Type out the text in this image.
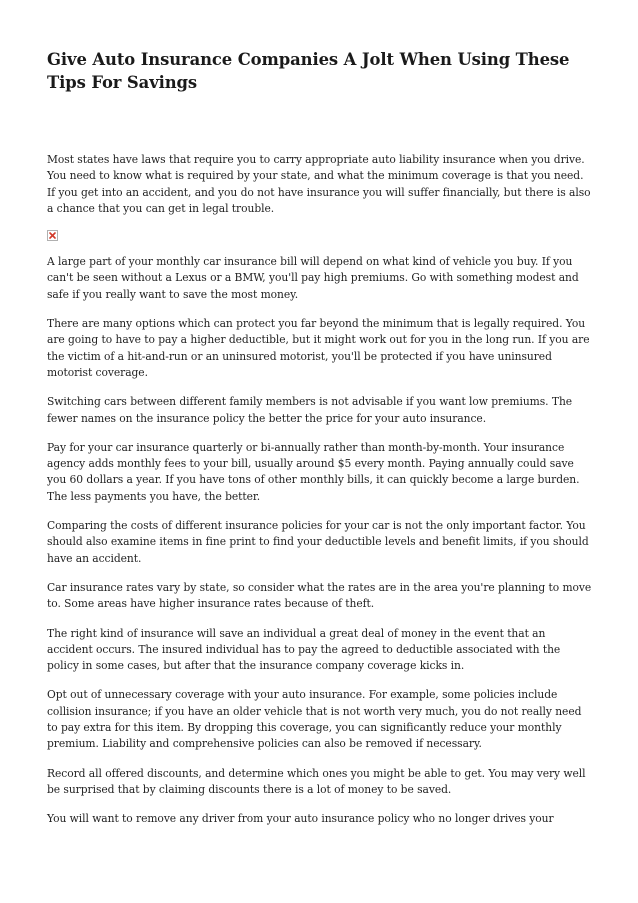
Give Auto Insurance Companies A Jolt When Using These Tips For Savings

Most states have laws that require you to carry appropriate auto liability insurance when you drive. You need to know what is required by your state, and what the minimum coverage is that you need. If you get into an accident, and you do not have insurance you will suffer financially, but there is also a chance that you can get in legal trouble.

A large part of your monthly car insurance bill will depend on what kind of vehicle you buy. If you can't be seen without a Lexus or a BMW, you'll pay high premiums. Go with something modest and safe if you really want to save the most money.

There are many options which can protect you far beyond the minimum that is legally required. You are going to have to pay a higher deductible, but it might work out for you in the long run. If you are the victim of a hit-and-run or an uninsured motorist, you'll be protected if you have uninsured motorist coverage.

Switching cars between different family members is not advisable if you want low premiums. The fewer names on the insurance policy the better the price for your auto insurance.

Pay for your car insurance quarterly or bi-annually rather than month-by-month. Your insurance agency adds monthly fees to your bill, usually around $5 every month. Paying annually could save you 60 dollars a year. If you have tons of other monthly bills, it can quickly become a large burden. The less payments you have, the better.

Comparing the costs of different insurance policies for your car is not the only important factor. You should also examine items in fine print to find your deductible levels and benefit limits, if you should have an accident.

Car insurance rates vary by state, so consider what the rates are in the area you're planning to move to. Some areas have higher insurance rates because of theft.

The right kind of insurance will save an individual a great deal of money in the event that an accident occurs. The insured individual has to pay the agreed to deductible associated with the policy in some cases, but after that the insurance company coverage kicks in.

Opt out of unnecessary coverage with your auto insurance. For example, some policies include collision insurance; if you have an older vehicle that is not worth very much, you do not really need to pay extra for this item. By dropping this coverage, you can significantly reduce your monthly premium. Liability and comprehensive policies can also be removed if necessary.

Record all offered discounts, and determine which ones you might be able to get. You may very well be surprised that by claiming discounts there is a lot of money to be saved.

You will want to remove any driver from your auto insurance policy who no longer drives your
